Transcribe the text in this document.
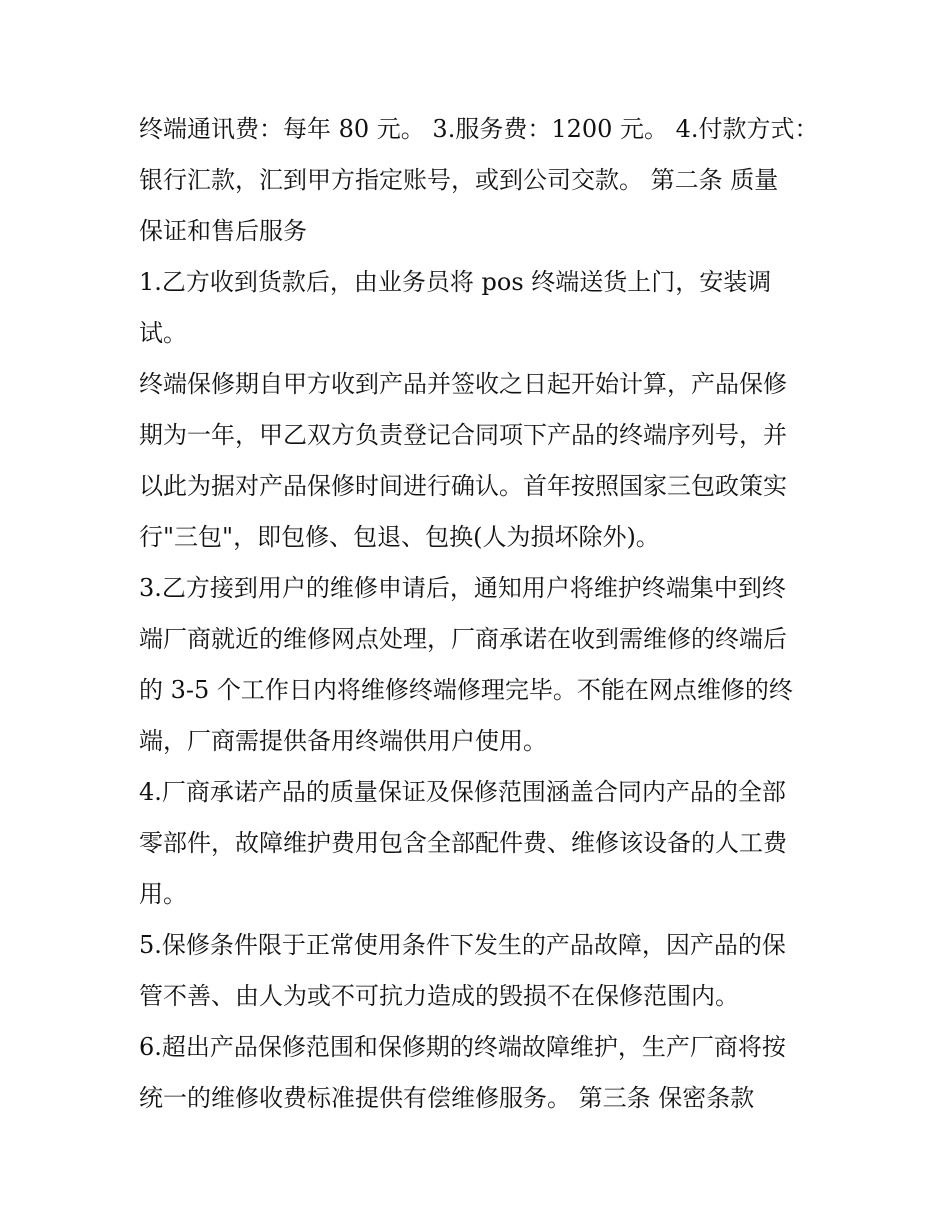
终端通讯费：每年 80 元。 3.服务费：1200 元。 4.付款方式：
银行汇款，汇到甲方指定账号，或到公司交款。 第二条 质量
保证和售后服务

1.乙方收到货款后，由业务员将 pos 终端送货上门，安装调
试。

终端保修期自甲方收到产品并签收之日起开始计算，产品保修
期为一年，甲乙双方负责登记合同项下产品的终端序列号，并
以此为据对产品保修时间进行确认。首年按照国家三包政策实
行"三包"，即包修、包退、包换(人为损坏除外)。

3.乙方接到用户的维修申请后，通知用户将维护终端集中到终
端厂商就近的维修网点处理，厂商承诺在收到需维修的终端后
的 3-5 个工作日内将维修终端修理完毕。不能在网点维修的终
端，厂商需提供备用终端供用户使用。

4.厂商承诺产品的质量保证及保修范围涵盖合同内产品的全部
零部件，故障维护费用包含全部配件费、维修该设备的人工费
用。

5.保修条件限于正常使用条件下发生的产品故障，因产品的保
管不善、由人为或不可抗力造成的毁损不在保修范围内。

6.超出产品保修范围和保修期的终端故障维护，生产厂商将按
统一的维修收费标准提供有偿维修服务。 第三条 保密条款
